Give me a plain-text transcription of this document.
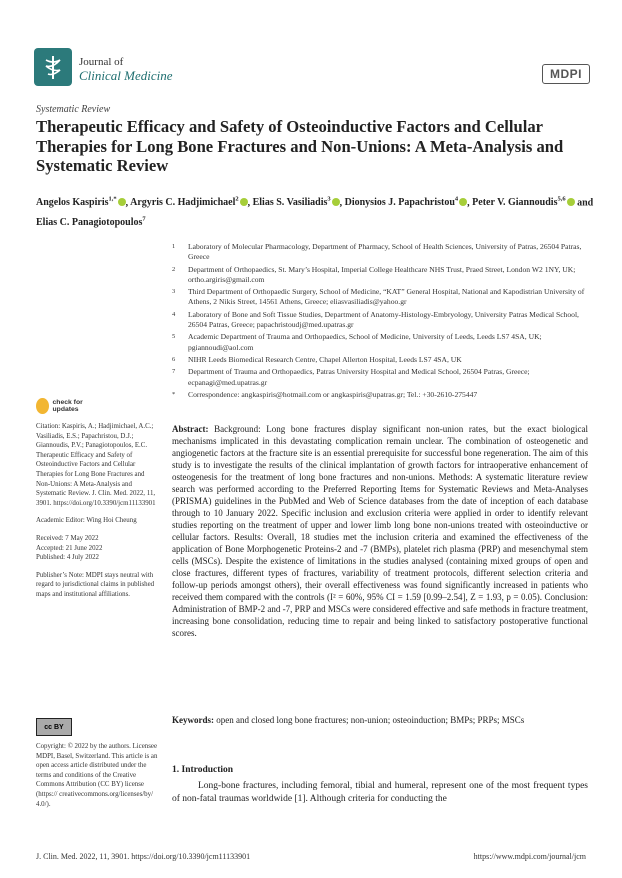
Journal of
Clinical Medicine	MDPI
Systematic Review
Therapeutic Efficacy and Safety of Osteoinductive Factors and Cellular Therapies for Long Bone Fractures and Non-Unions: A Meta-Analysis and Systematic Review
Angelos Kaspiris$^{1,*}$ , Argyris C. Hadjimichael$^2$ , Elias S. Vasiliadis$^3$ , Dionysios J. Papachristou$^4$ , Peter V. Giannoudis$^{5,6}$ and Elias C. Panagiotopoulos$^7$
1	Laboratory of Molecular Pharmacology, Department of Pharmacy, School of Health Sciences, University of Patras, 26504 Patras, Greece
2	Department of Orthopaedics, St. Mary’s Hospital, Imperial College Healthcare NHS Trust, Praed Street, London W2 1NY, UK; ortho.argiris@gmail.com
3	Third Department of Orthopaedic Surgery, School of Medicine, “KAT” General Hospital, National and Kapodistrian University of Athens, 2 Nikis Street, 14561 Athens, Greece; eliasvasiliadis@yahoo.gr
4	Laboratory of Bone and Soft Tissue Studies, Department of Anatomy-Histology-Embryology, University Patras Medical School, 26504 Patras, Greece; papachristoudj@med.upatras.gr
5	Academic Department of Trauma and Orthopaedics, School of Medicine, University of Leeds, Leeds LS7 4SA, UK; pgiannoudi@aol.com
6	NIHR Leeds Biomedical Research Centre, Chapel Allerton Hospital, Leeds LS7 4SA, UK
7	Department of Trauma and Orthopaedics, Patras University Hospital and Medical School, 26504 Patras, Greece; ecpanagi@med.upatras.gr
*	Correspondence: angkaspiris@hotmail.com or angkaspiris@upatras.gr; Tel.: +30-2610-275447
check for updates

Citation: Kaspiris, A.; Hadjimichael, A.C.; Vasiliadis, E.S.; Papachristou, D.J.; Giannoudis, P.V.; Panagiotopoulos, E.C. Therapeutic Efficacy and Safety of Osteoinductive Factors and Cellular Therapies for Long Bone Fractures and Non-Unions: A Meta-Analysis and Systematic Review. J. Clin. Med. 2022, 11, 3901. https://doi.org/10.3390/jcm11133901

Academic Editor: Wing Hoi Cheung

Received: 7 May 2022

Accepted: 21 June 2022

Published: 4 July 2022

Publisher’s Note: MDPI stays neutral with regard to jurisdictional claims in published maps and institutional affiliations.

cc BY
Copyright: © 2022 by the authors. Licensee MDPI, Basel, Switzerland. This article is an open access article distributed under the terms and conditions of the Creative Commons Attribution (CC BY) license (https:// creativecommons.org/licenses/by/ 4.0/).
Abstract: Background: Long bone fractures display significant non-union rates, but the exact biological mechanisms implicated in this devastating complication remain unclear. The combination of osteogenetic and angiogenetic factors at the fracture site is an essential prerequisite for successful bone regeneration. The aim of this study is to investigate the results of the clinical implantation of growth factors for intraoperative enhancement of osteogenesis for the treatment of long bone fractures and non-unions. Methods: A systematic literature review search was performed according to the Preferred Reporting Items for Systematic Reviews and Meta-Analyses (PRISMA) guidelines in the PubMed and Web of Science databases from the date of inception of each database through to 10 January 2022. Specific inclusion and exclusion criteria were applied in order to identify relevant studies reporting on the treatment of upper and lower limb long bone non-unions treated with osteoinductive or cellular factors. Results: Overall, 18 studies met the inclusion criteria and examined the effectiveness of the application of Bone Morphogenetic Proteins-2 and -7 (BMPs), platelet rich plasma (PRP) and mesenchymal stem cells (MSCs). Despite the existence of limitations in the studies analysed (containing mixed groups of open and close fractures, different types of fractures, variability of treatment protocols, different selection criteria and follow-up periods amongst others), their overall effectiveness was found significantly increased in patients who received them compared with the controls (I² = 60%, 95% CI = 1.59 [0.99–2.54], Z = 1.93, p = 0.05). Conclusion: Administration of BMP-2 and -7, PRP and MSCs were considered effective and safe methods in fracture treatment, increasing bone consolidation, reducing time to repair and being linked to satisfactory postoperative functional scores.
Keywords: open and closed long bone fractures; non-union; osteoinduction; BMPs; PRPs; MSCs
1. Introduction
Long-bone fractures, including femoral, tibial and humeral, represent one of the most frequent types of non-fatal traumas worldwide [1]. Although criteria for conducting the
J. Clin. Med. 2022, 11, 3901. https://doi.org/10.3390/jcm11133901	https://www.mdpi.com/journal/jcm
